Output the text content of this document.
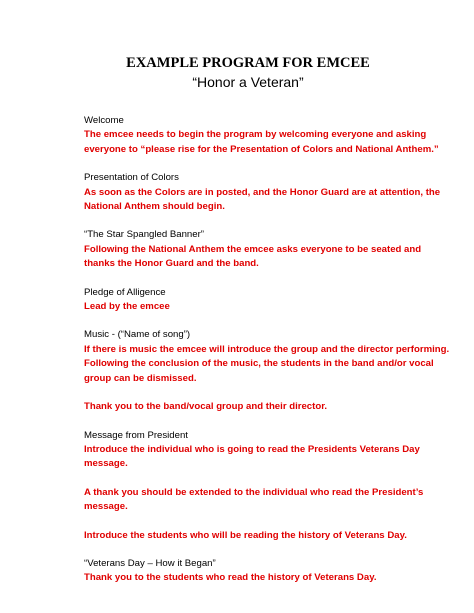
EXAMPLE PROGRAM FOR EMCEE
“Honor a Veteran”
Welcome
The emcee needs to begin the program by welcoming everyone and asking
everyone to “please rise for the Presentation of Colors and National Anthem.”
Presentation of Colors
As soon as the Colors are in posted, and the Honor Guard are at attention, the
National Anthem should begin.
“The Star Spangled Banner”
Following the National Anthem the emcee asks everyone to be seated and
thanks the Honor Guard and the band.
Pledge of Alligence
Lead by the emcee
Music - (“Name of song”)
If there is music the emcee will introduce the group and the director performing.
Following the conclusion of the music, the students in the band and/or vocal
group can be dismissed.
Thank you to the band/vocal group and their director.
Message from President
Introduce the individual who is going to read the Presidents Veterans Day
message.
A thank you should be extended to the individual who read the President’s
message.
Introduce the students who will be reading the history of Veterans Day.
“Veterans Day – How it Began”
Thank you to the students who read the history of Veterans Day.
